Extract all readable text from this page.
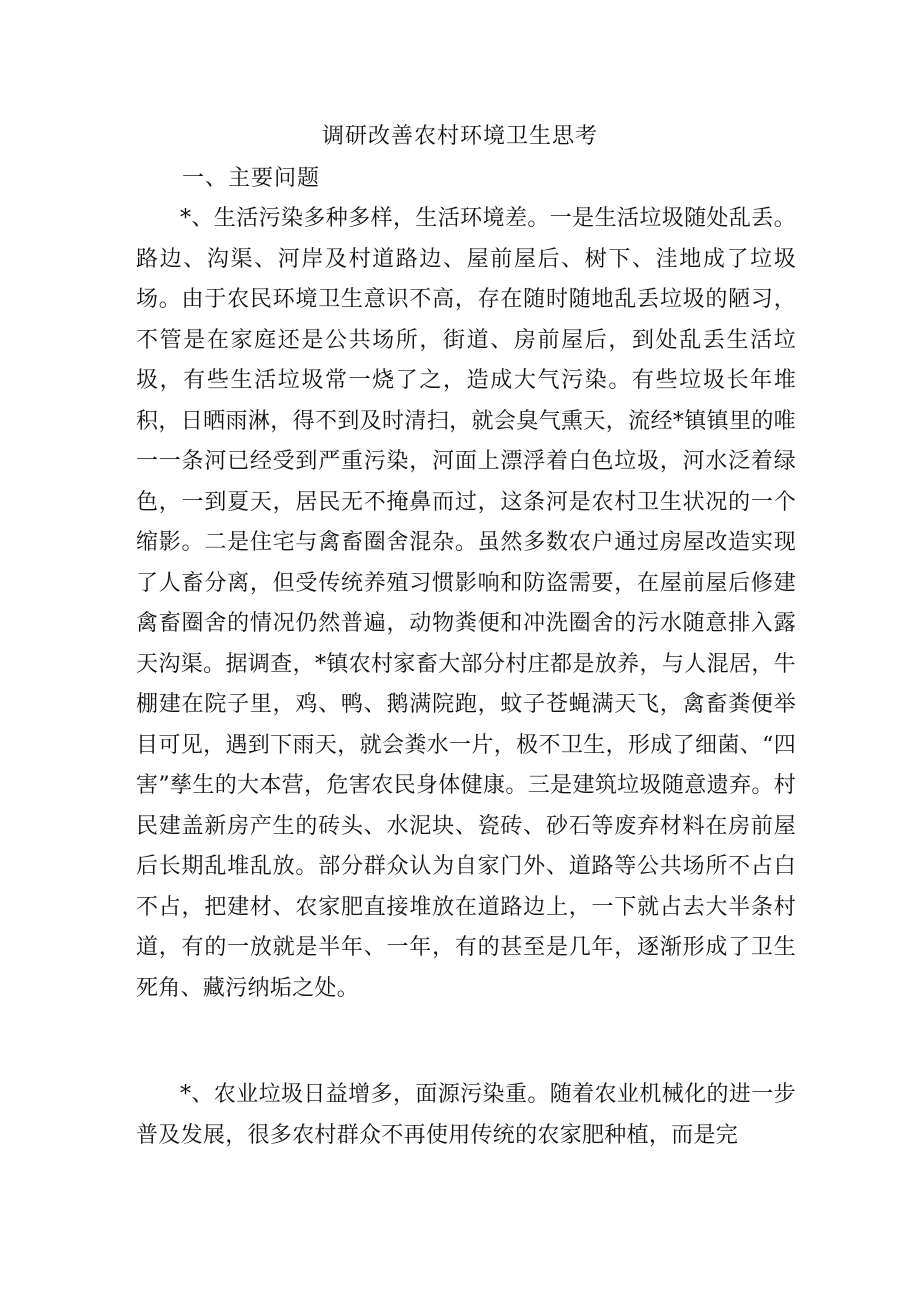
调研改善农村环境卫生思考
一、主要问题

*、生活污染多种多样，生活环境差。一是生活垃圾随处乱丢。路边、沟渠、河岸及村道路边、屋前屋后、树下、洼地成了垃圾场。由于农民环境卫生意识不高，存在随时随地乱丢垃圾的陋习，不管是在家庭还是公共场所，街道、房前屋后，到处乱丢生活垃圾，有些生活垃圾常一烧了之，造成大气污染。有些垃圾长年堆积，日晒雨淋，得不到及时清扫，就会臭气熏天，流经*镇镇里的唯一一条河已经受到严重污染，河面上漂浮着白色垃圾，河水泛着绿色，一到夏天，居民无不掩鼻而过，这条河是农村卫生状况的一个缩影。二是住宅与禽畜圈舍混杂。虽然多数农户通过房屋改造实现了人畜分离，但受传统养殖习惯影响和防盗需要，在屋前屋后修建禽畜圈舍的情况仍然普遍，动物粪便和冲洗圈舍的污水随意排入露天沟渠。据调查，*镇农村家畜大部分村庄都是放养，与人混居，牛棚建在院子里，鸡、鸭、鹅满院跑，蚊子苍蝇满天飞，禽畜粪便举目可见，遇到下雨天，就会粪水一片，极不卫生，形成了细菌、“四害”孳生的大本营，危害农民身体健康。三是建筑垃圾随意遗弃。村民建盖新房产生的砖头、水泥块、瓷砖、砂石等废弃材料在房前屋后长期乱堆乱放。部分群众认为自家门外、道路等公共场所不占白不占，把建材、农家肥直接堆放在道路边上，一下就占去大半条村道，有的一放就是半年、一年，有的甚至是几年，逐渐形成了卫生死角、藏污纳垢之处。

*、农业垃圾日益增多，面源污染重。随着农业机械化的进一步普及发展，很多农村群众不再使用传统的农家肥种植，而是完
